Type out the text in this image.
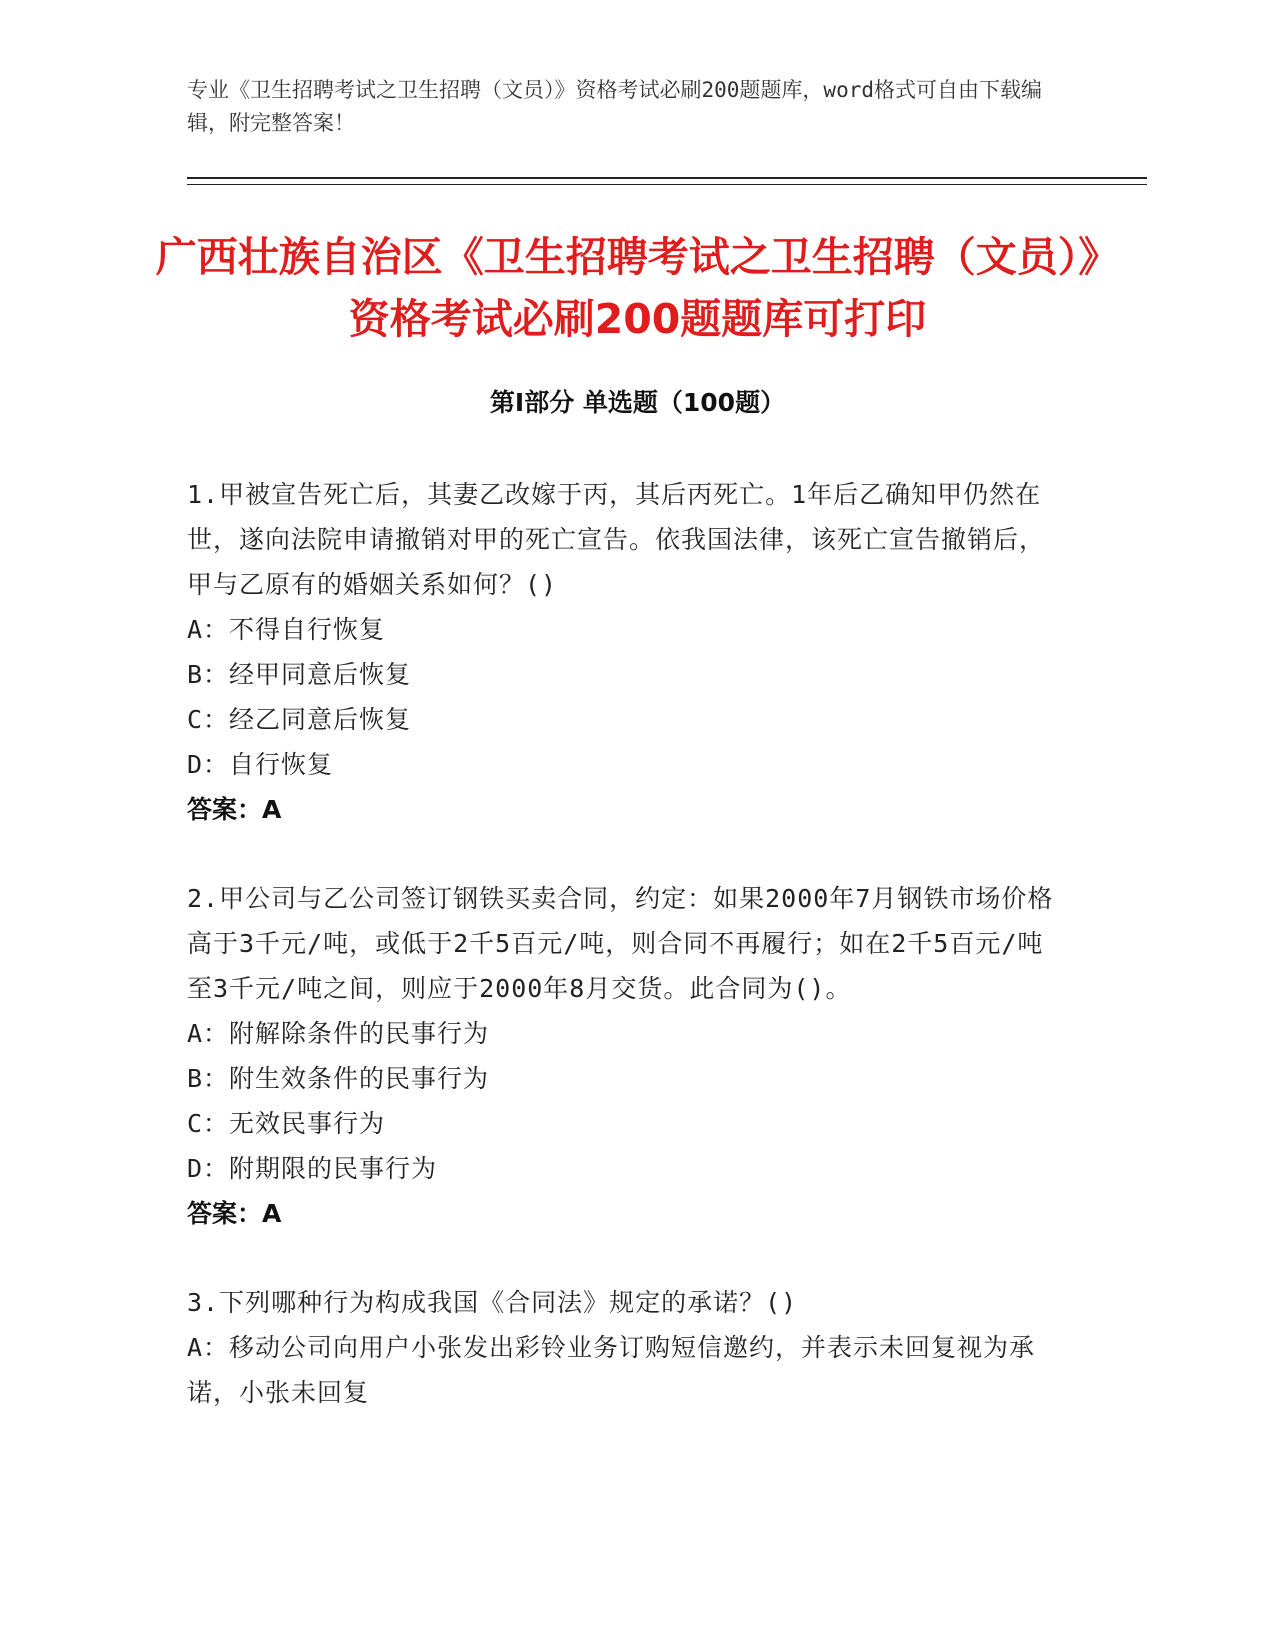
专业《卫生招聘考试之卫生招聘（文员）》资格考试必刷200题题库，word格式可自由下载编辑，附完整答案！

广西壮族自治区《卫生招聘考试之卫生招聘（文员）》资格考试必刷200题题库可打印
第Ⅰ部分 单选题（100题）

1.甲被宣告死亡后，其妻乙改嫁于丙，其后丙死亡。1年后乙确知甲仍然在世，遂向法院申请撤销对甲的死亡宣告。依我国法律，该死亡宣告撤销后，甲与乙原有的婚姻关系如何？()

A：不得自行恢复

B：经甲同意后恢复

C：经乙同意后恢复

D：自行恢复

答案：A

2.甲公司与乙公司签订钢铁买卖合同，约定：如果2000年7月钢铁市场价格高于3千元/吨，或低于2千5百元/吨，则合同不再履行；如在2千5百元/吨至3千元/吨之间，则应于2000年8月交货。此合同为()。

A：附解除条件的民事行为

B：附生效条件的民事行为

C：无效民事行为

D：附期限的民事行为

答案：A

3.下列哪种行为构成我国《合同法》规定的承诺？()

A：移动公司向用户小张发出彩铃业务订购短信邀约，并表示未回复视为承诺，小张未回复
